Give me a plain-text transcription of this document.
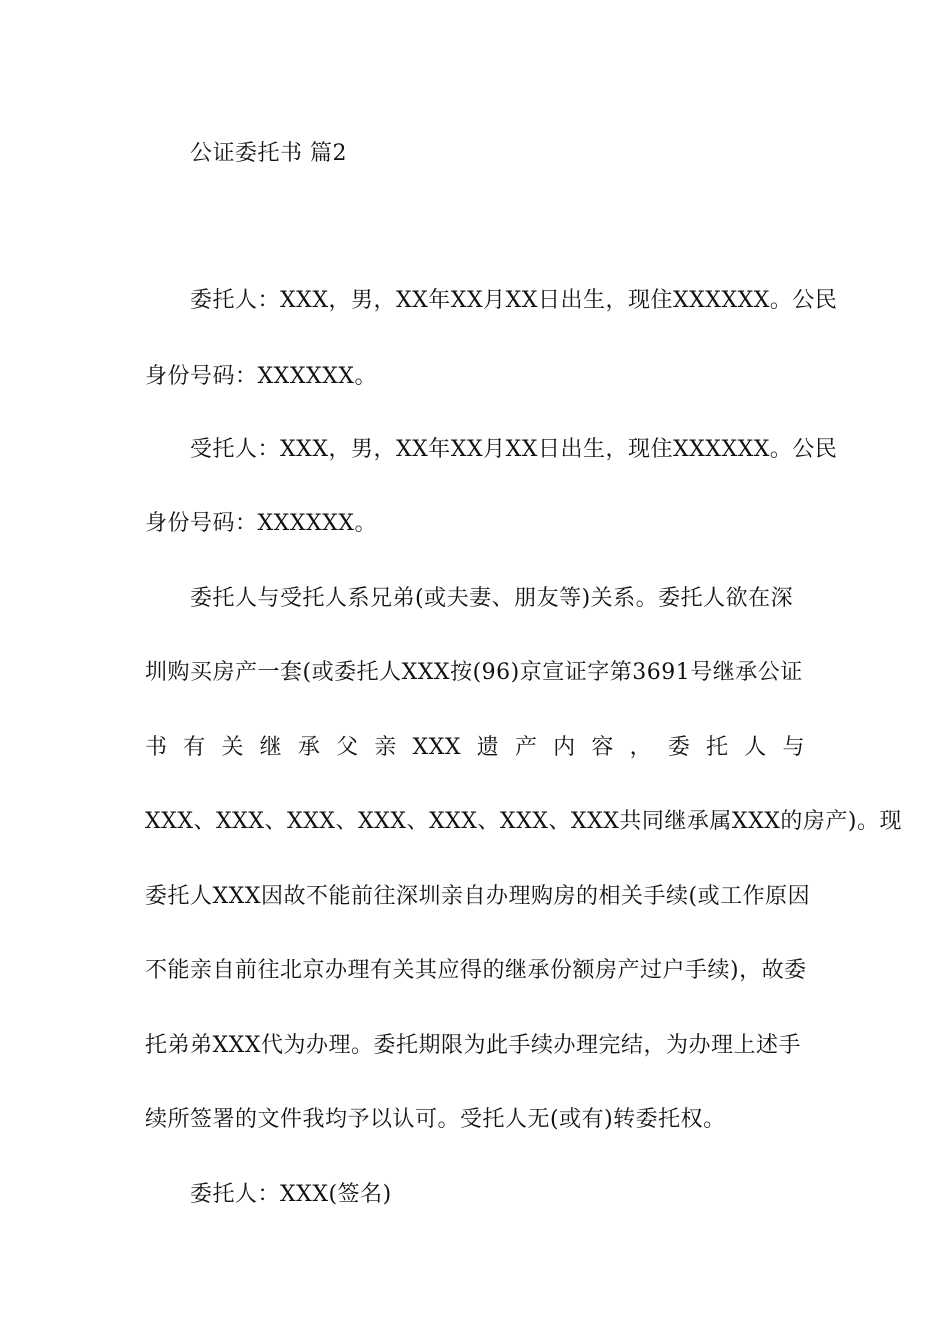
公证委托书 篇2
委托人：XXX，男，XX年XX月XX日出生，现住XXXXXX。公民
身份号码：XXXXXX。
受托人：XXX，男，XX年XX月XX日出生，现住XXXXXX。公民
身份号码：XXXXXX。
委托人与受托人系兄弟(或夫妻、朋友等)关系。委托人欲在深
圳购买房产一套(或委托人XXX按(96)京宣证字第3691号继承公证
书 有 关 继 承 父 亲 XXX 遗 产 内 容 ， 委 托 人 与
XXX、XXX、XXX、XXX、XXX、XXX、XXX共同继承属XXX的房产)。现
委托人XXX因故不能前往深圳亲自办理购房的相关手续(或工作原因
不能亲自前往北京办理有关其应得的继承份额房产过户手续)，故委
托弟弟XXX代为办理。委托期限为此手续办理完结，为办理上述手
续所签署的文件我均予以认可。受托人无(或有)转委托权。
委托人：XXX(签名)
